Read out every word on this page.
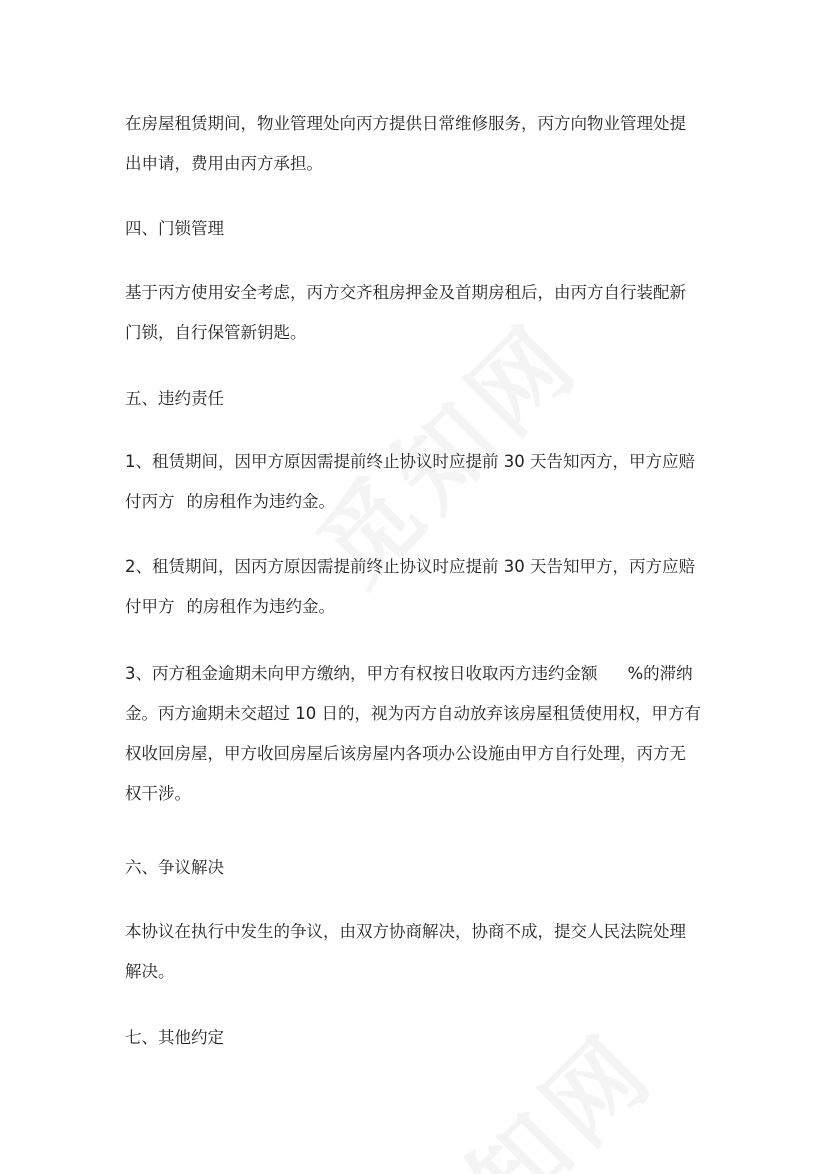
在房屋租赁期间，物业管理处向丙方提供日常维修服务，丙方向物业管理处提
出申请，费用由丙方承担。

四、门锁管理

基于丙方使用安全考虑，丙方交齐租房押金及首期房租后，由丙方自行装配新
门锁，自行保管新钥匙。

五、违约责任

1、租赁期间，因甲方原因需提前终止协议时应提前 30 天告知丙方，甲方应赔
付丙方 的房租作为违约金。

2、租赁期间，因丙方原因需提前终止协议时应提前 30 天告知甲方，丙方应赔
付甲方 的房租作为违约金。

3、丙方租金逾期未向甲方缴纳，甲方有权按日收取丙方违约金额 %的滞纳
金。丙方逾期未交超过 10 日的，视为丙方自动放弃该房屋租赁使用权，甲方有
权收回房屋，甲方收回房屋后该房屋内各项办公设施由甲方自行处理，丙方无
权干涉。

六、争议解决

本协议在执行中发生的争议，由双方协商解决，协商不成，提交人民法院处理
解决。

七、其他约定
